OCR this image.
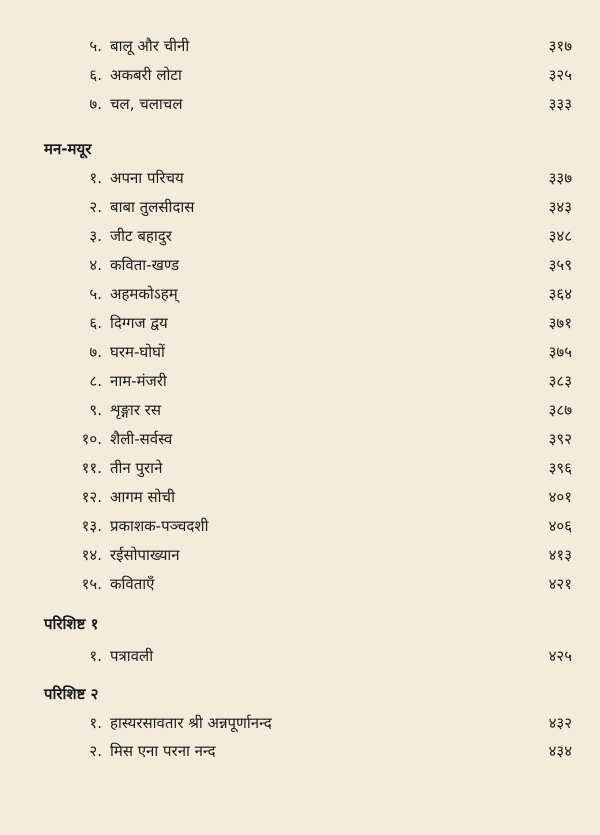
५. बालू और चीनी	३१७
६. अकबरी लोटा	३२५
७. चल, चलाचल	३३३
मन-मयूर
१. अपना परिचय	३३७
२. बाबा तुलसीदास	३४३
३. जीट बहादुर	३४८
४. कविता-खण्ड	३५९
५. अहमकोऽहम्	३६४
६. दिग्गज द्वय	३७१
७. घरम-घोघों	३७५
८. नाम-मंजरी	३८३
९. शृङ्गार रस	३८७
१०. शैली-सर्वस्व	३९२
११. तीन पुराने	३९६
१२. आगम सोची	४०१
१३. प्रकाशक-पञ्चदशी	४०६
१४. रईसोपाख्यान	४१३
१५. कविताएँ	४२१
परिशिष्ट १
१. पत्रावली	४२५
परिशिष्ट २
१. हास्यरसावतार श्री अन्नपूर्णानन्द	४३२
२. मिस एना परना नन्द	४३४
